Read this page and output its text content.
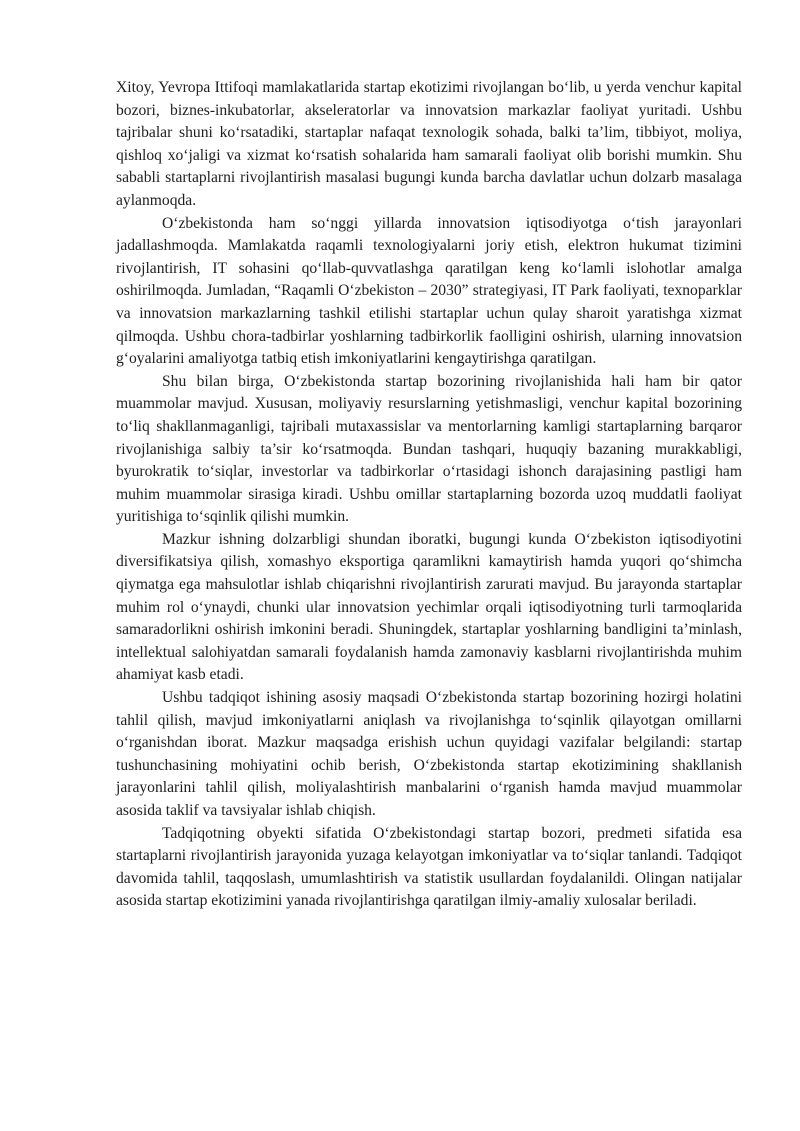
Xitoy, Yevropa Ittifoqi mamlakatlarida startap ekotizimi rivojlangan bo‘lib, u yerda venchur kapital bozori, biznes-inkubatorlar, akseleratorlar va innovatsion markazlar faoliyat yuritadi. Ushbu tajribalar shuni ko‘rsatadiki, startaplar nafaqat texnologik sohada, balki ta’lim, tibbiyot, moliya, qishloq xo‘jaligi va xizmat ko‘rsatish sohalarida ham samarali faoliyat olib borishi mumkin. Shu sababli startaplarni rivojlantirish masalasi bugungi kunda barcha davlatlar uchun dolzarb masalaga aylanmoqda.

O‘zbekistonda ham so‘nggi yillarda innovatsion iqtisodiyotga o‘tish jarayonlari jadallashmoqda. Mamlakatda raqamli texnologiyalarni joriy etish, elektron hukumat tizimini rivojlantirish, IT sohasini qo‘llab-quvvatlashga qaratilgan keng ko‘lamli islohotlar amalga oshirilmoqda. Jumladan, “Raqamli O‘zbekiston – 2030” strategiyasi, IT Park faoliyati, texnoparklar va innovatsion markazlarning tashkil etilishi startaplar uchun qulay sharoit yaratishga xizmat qilmoqda. Ushbu chora-tadbirlar yoshlarning tadbirkorlik faolligini oshirish, ularning innovatsion g‘oyalarini amaliyotga tatbiq etish imkoniyatlarini kengaytirishga qaratilgan.

Shu bilan birga, O‘zbekistonda startap bozorining rivojlanishida hali ham bir qator muammolar mavjud. Xususan, moliyaviy resurslarning yetishmasligi, venchur kapital bozorining to‘liq shakllanmaganligi, tajribali mutaxassislar va mentorlarning kamligi startaplarning barqaror rivojlanishiga salbiy ta’sir ko‘rsatmoqda. Bundan tashqari, huquqiy bazaning murakkabligi, byurokratik to‘siqlar, investorlar va tadbirkorlar o‘rtasidagi ishonch darajasining pastligi ham muhim muammolar sirasiga kiradi. Ushbu omillar startaplarning bozorda uzoq muddatli faoliyat yuritishiga to‘sqinlik qilishi mumkin.

Mazkur ishning dolzarbligi shundan iboratki, bugungi kunda O‘zbekiston iqtisodiyotini diversifikatsiya qilish, xomashyo eksportiga qaramlikni kamaytirish hamda yuqori qo‘shimcha qiymatga ega mahsulotlar ishlab chiqarishni rivojlantirish zarurati mavjud. Bu jarayonda startaplar muhim rol o‘ynaydi, chunki ular innovatsion yechimlar orqali iqtisodiyotning turli tarmoqlarida samaradorlikni oshirish imkonini beradi. Shuningdek, startaplar yoshlarning bandligini ta’minlash, intellektual salohiyatdan samarali foydalanish hamda zamonaviy kasblarni rivojlantirishda muhim ahamiyat kasb etadi.

Ushbu tadqiqot ishining asosiy maqsadi O‘zbekistonda startap bozorining hozirgi holatini tahlil qilish, mavjud imkoniyatlarni aniqlash va rivojlanishga to‘sqinlik qilayotgan omillarni o‘rganishdan iborat. Mazkur maqsadga erishish uchun quyidagi vazifalar belgilandi: startap tushunchasining mohiyatini ochib berish, O‘zbekistonda startap ekotizimining shakllanish jarayonlarini tahlil qilish, moliyalashtirish manbalarini o‘rganish hamda mavjud muammolar asosida taklif va tavsiyalar ishlab chiqish.

Tadqiqotning obyekti sifatida O‘zbekistondagi startap bozori, predmeti sifatida esa startaplarni rivojlantirish jarayonida yuzaga kelayotgan imkoniyatlar va to‘siqlar tanlandi. Tadqiqot davomida tahlil, taqqoslash, umumlashtirish va statistik usullardan foydalanildi. Olingan natijalar asosida startap ekotizimini yanada rivojlantirishga qaratilgan ilmiy-amaliy xulosalar beriladi.
